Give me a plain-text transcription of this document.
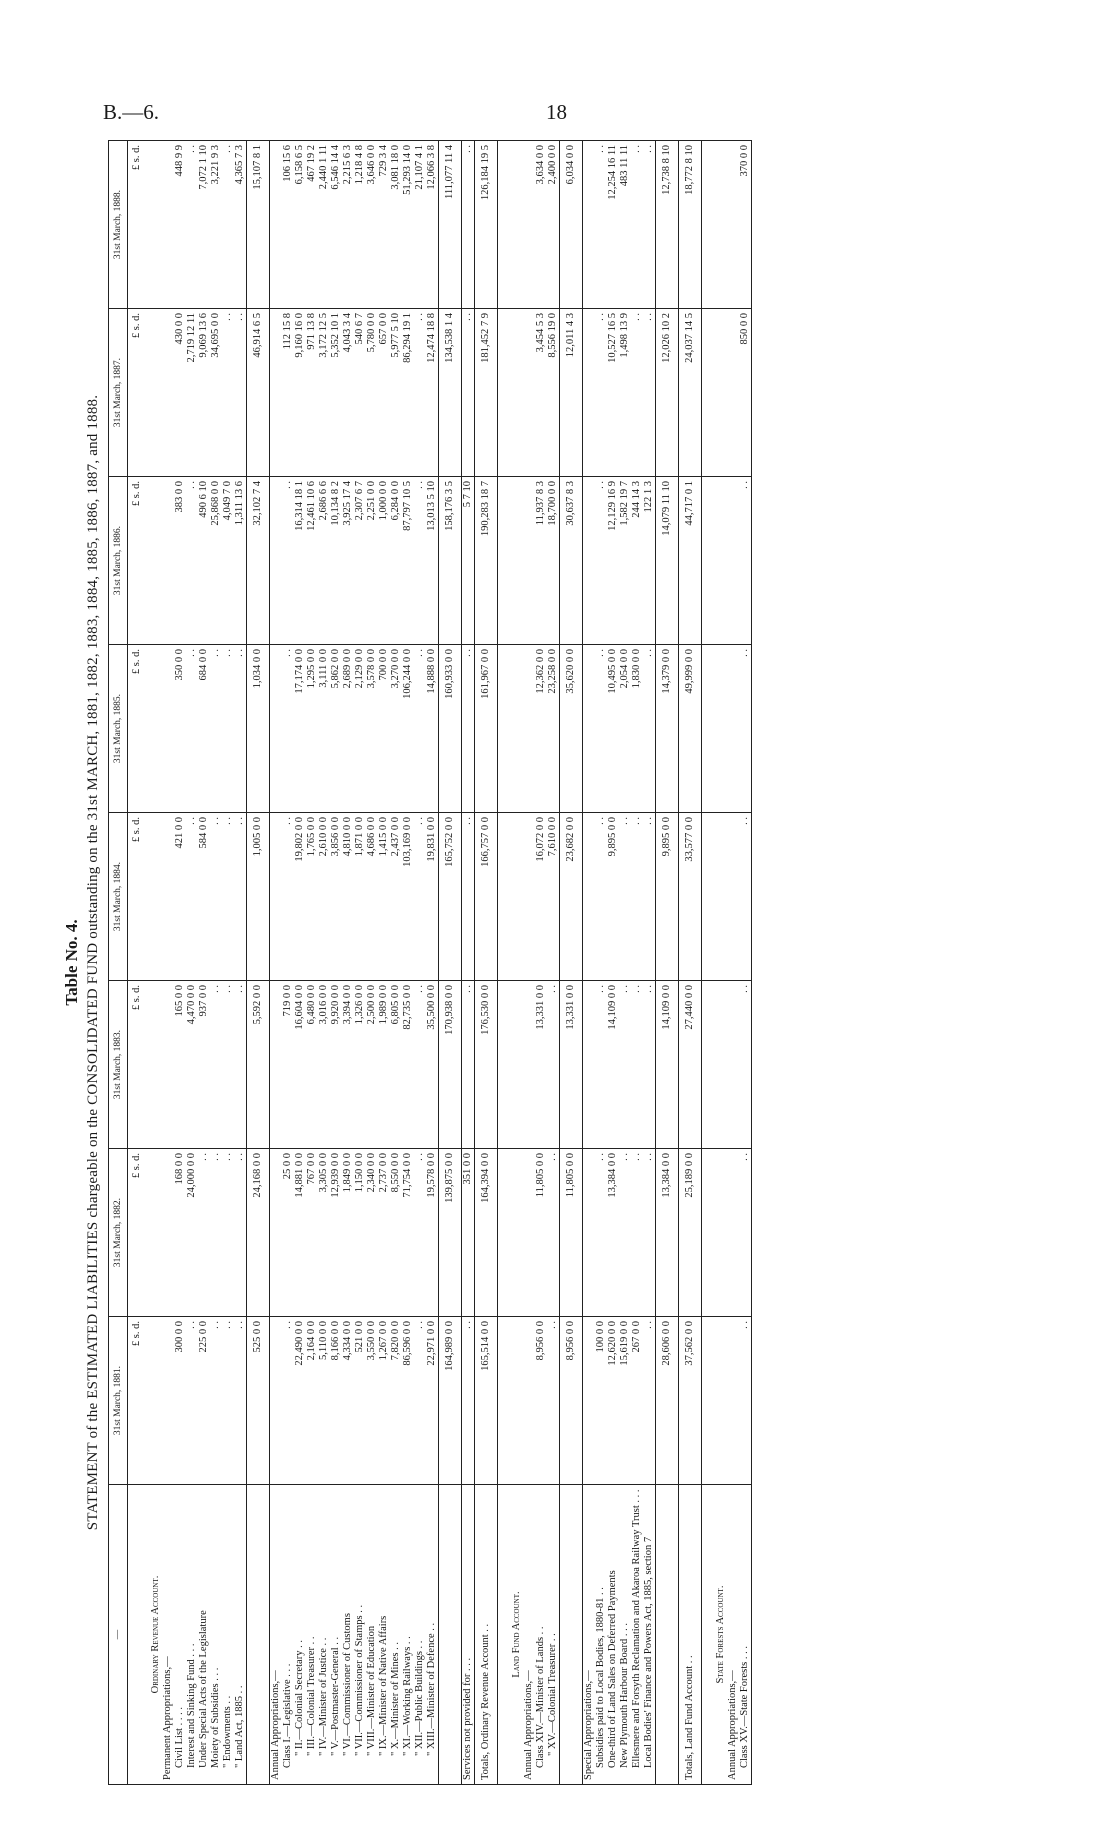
B.—6.	18
Table No. 4. STATEMENT of the ESTIMATED LIABILITIES chargeable on the CONSOLIDATED FUND outstanding on the 31st MARCH, 1881, 1882, 1883, 1884, 1885, 1886, 1887, and 1888.
—	31st March, 1881.	31st March, 1882.	31st March, 1883.	31st March, 1884.	31st March, 1885.	31st March, 1886.	31st March, 1887.	31st March, 1888.
	£ s. d.	£ s. d.	£ s. d.	£ s. d.	£ s. d.	£ s. d.	£ s. d.	£ s. d.
Ordinary Revenue Account.								
Permanent Appropriations,—								
Civil List . . . .	300 0 0	168 0 0	165 0 0	421 0 0	350 0 0	383 0 0	430 0 0	448 9 9
Interest and Sinking Fund . . .	. .	24,000 0 0	4,470 0 0	. .	. .	. .	2,719 12 11	. .
Under Special Acts of the Legislature	225 0 0	. .	937 0 0	584 0 0	684 0 0	490 6 10	9,069 13 6	7,072 1 10
Moiety of Subsidies . . .	. .	. .	. .	. .	. .	25,868 0 0	34,695 0 0	3,221 9 3
" Endowments . .	. .	. .	. .	. .	. .	4,049 7 0	. .	. .
" Land Act, 1885 . .	. .	. .	. .	. .	. .	1,311 13 6	. .	4,365 7 3
	525 0 0	24,168 0 0	5,592 0 0	1,005 0 0	1,034 0 0	32,102 7 4	46,914 6 5	15,107 8 1
Annual Appropriations,—								
Class I.—Legislative . . .	. .	25 0 0	719 0 0	. .	. .	. .	112 15 8	106 15 6
" II.—Colonial Secretary . .	22,490 0 0	14,881 0 0	16,604 0 0	19,802 0 0	17,174 0 0	16,314 18 1	9,160 16 0	6,158 6 5
" III.—Colonial Treasurer . .	2,164 0 0	767 0 0	6,480 0 0	1,765 0 0	1,295 0 0	12,461 10 6	971 13 8	467 19 2
" IV.—Minister of Justice . .	5,110 0 0	3,305 0 0	3,016 0 0	2,610 0 0	3,111 0 0	2,686 6 6	3,172 12 5	2,440 1 11
" V.—Postmaster-General . .	8,166 0 0	12,939 0 0	9,920 0 0	3,856 0 0	5,862 0 0	10,134 8 2	5,352 10 1	6,546 14 4
" VI.—Commissioner of Customs	4,334 0 0	1,849 0 0	3,394 0 0	4,810 0 0	2,689 0 0	3,925 17 4	4,043 3 4	2,215 6 3
" VII.—Commissioner of Stamps . .	521 0 0	1,150 0 0	1,326 0 0	1,871 0 0	2,129 0 0	2,307 6 7	540 6 7	1,218 4 8
" VIII.—Minister of Education	3,550 0 0	2,340 0 0	2,500 0 0	4,686 0 0	3,578 0 0	2,251 0 0	5,780 0 0	3,646 0 0
" IX.—Minister of Native Affairs	1,267 0 0	2,737 0 0	1,989 0 0	1,415 0 0	700 0 0	1,000 0 0	657 0 0	729 3 4
" X.—Minister of Mines . .	7,820 0 0	8,550 0 0	6,805 0 0	2,437 0 0	3,270 0 0	6,284 0 0	5,977 5 10	3,081 18 0
" XI.—Working Railways . .	86,596 0 0	71,754 0 0	82,735 0 0	103,169 0 0	106,244 0 0	87,797 10 5	86,294 19 1	51,293 14 0
" XII.—Public Buildings . .	. .	. .	. .	. .	. .	. .	. .	21,107 4 1
" XIII.—Minister of Defence . .	22,971 0 0	19,578 0 0	35,500 0 0	19,831 0 0	14,888 0 0	13,013 5 10	12,474 18 8	12,066 3 8
	164,989 0 0	139,875 0 0	170,938 0 0	165,752 0 0	160,933 0 0	158,176 3 5	134,538 1 4	111,077 11 4
Services not provided for . . .	. .	351 0 0	. .	. .	. .	5 7 10	. .	. .
Totals, Ordinary Revenue Account . .	165,514 0 0	164,394 0 0	176,530 0 0	166,757 0 0	161,967 0 0	190,283 18 7	181,452 7 9	126,184 19 5

Land Fund Account.								
Annual Appropriations,—								
Class XIV.—Minister of Lands . .	8,956 0 0	11,805 0 0	13,331 0 0	16,072 0 0	12,362 0 0	11,937 8 3	3,454 5 3	3,634 0 0
" XV.—Colonial Treasurer . .	. .	. .	. .	7,610 0 0	23,258 0 0	18,700 0 0	8,556 19 0	2,400 0 0
	8,956 0 0	11,805 0 0	13,331 0 0	23,682 0 0	35,620 0 0	30,637 8 3	12,011 4 3	6,034 0 0
Special Appropriations,—								
Subsidies paid to Local Bodies, 1880-81 . .	100 0 0	. .	. .	. .	. .	. .	. .	. .
One-third of Land Sales on Deferred Payments	12,620 0 0	13,384 0 0	14,109 0 0	9,895 0 0	10,495 0 0	12,129 16 9	10,527 16 5	12,254 16 11
New Plymouth Harbour Board . . .	15,619 0 0	. .	. .	. .	2,054 0 0	1,582 19 7	1,498 13 9	483 11 11
Ellesmere and Forsyth Reclamation and Akaroa Railway Trust . . .	267 0 0	. .	. .	. .	1,830 0 0	244 14 3	. .	. .
Local Bodies' Finance and Powers Act, 1885, section 7	. .	. .	. .	. .	. .	122 1 3	. .	. .
	28,606 0 0	13,384 0 0	14,109 0 0	9,895 0 0	14,379 0 0	14,079 11 10	12,026 10 2	12,738 8 10
Totals, Land Fund Account . .	37,562 0 0	25,189 0 0	27,440 0 0	33,577 0 0	49,999 0 0	44,717 0 1	24,037 14 5	18,772 8 10

State Forests Account.								
Annual Appropriations,—								
Class XV.—State Forests . . .	. .	. .	. .	. .	. .	. .	850 0 0	370 0 0
